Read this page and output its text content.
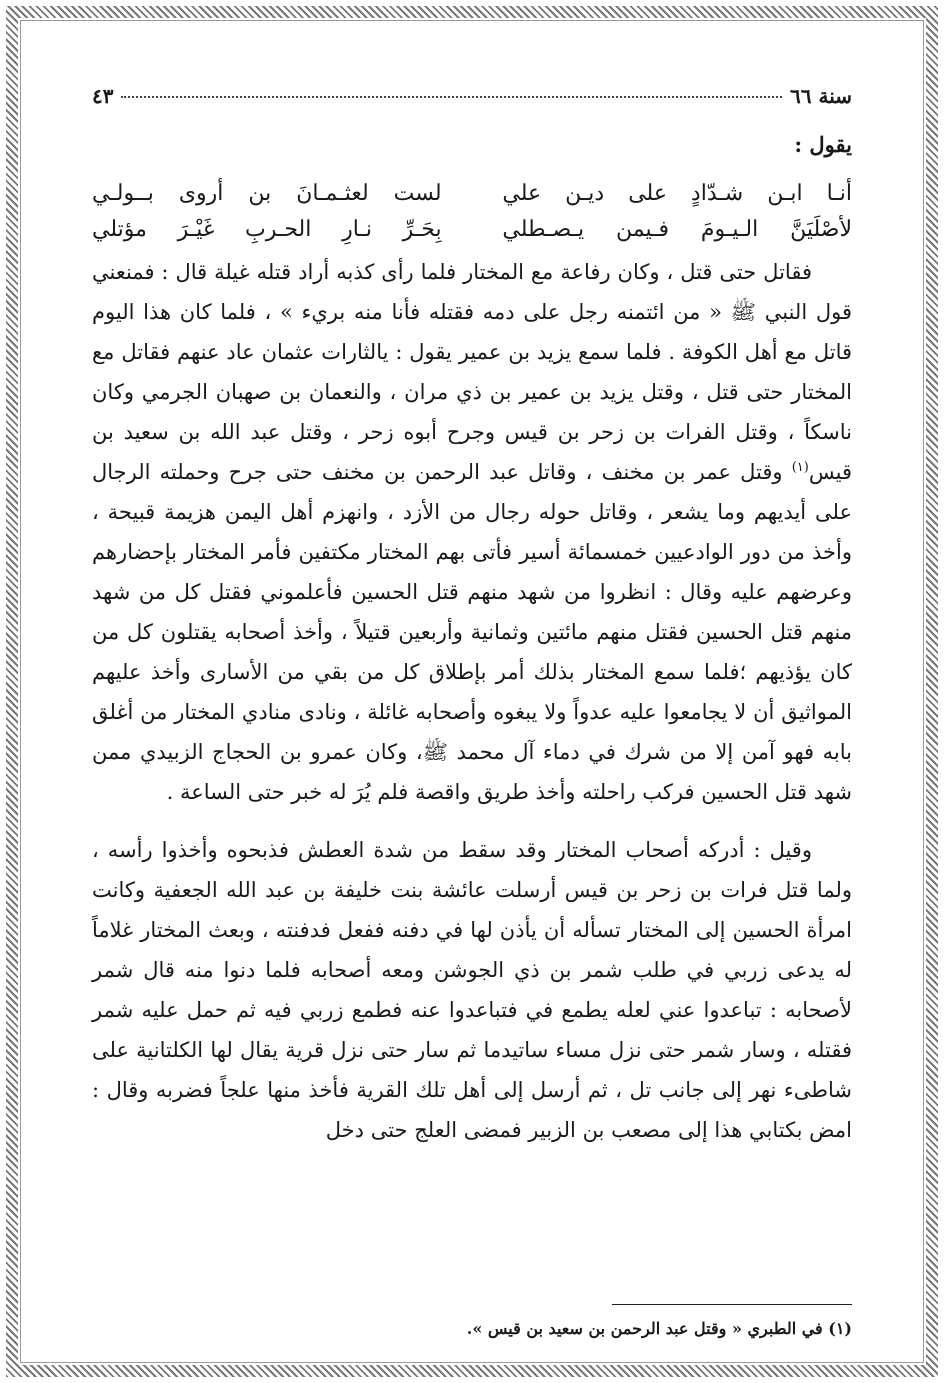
سنة ٦٦
٤٣
يقول :
أنـا ابـن شـدّادٍ على ديـن علي
لست لعثـمـانَ بن أروى بــولـي
لأصْلَيَنَّ الـيـومَ فـيمن يـصـطلي
بِحَـرِّ نـارِ الحـربِ غَيْـرَ مؤتلي

فقاتل حتى قتل ، وكان رفاعة مع المختار فلما رأى كذبه أراد قتله غيلة قال : فمنعني قول النبي ﷺ « من ائتمنه رجل على دمه فقتله فأنا منه بريء » ، فلما كان هذا اليوم قاتل مع أهل الكوفة . فلما سمع يزيد بن عمير يقول : يالثارات عثمان عاد عنهم فقاتل مع المختار حتى قتل ، وقتل يزيد بن عمير بن ذي مران ، والنعمان بن صهبان الجرمي وكان ناسكاً ، وقتل الفرات بن زحر بن قيس وجرح أبوه زحر ، وقتل عبد الله بن سعيد بن قيس$^{(١)}$ وقتل عمر بن مخنف ، وقاتل عبد الرحمن بن مخنف حتى جرح وحملته الرجال على أيديهم وما يشعر ، وقاتل حوله رجال من الأزد ، وانهزم أهل اليمن هزيمة قبيحة ، وأخذ من دور الوادعيين خمسمائة أسير فأتى بهم المختار مكتفين فأمر المختار بإحضارهم وعرضهم عليه وقال : انظروا من شهد منهم قتل الحسين فأعلموني فقتل كل من شهد منهم قتل الحسين فقتل منهم مائتين وثمانية وأربعين قتيلاً ، وأخذ أصحابه يقتلون كل من كان يؤذيهم ؛فلما سمع المختار بذلك أمر بإطلاق كل من بقي من الأسارى وأخذ عليهم المواثيق أن لا يجامعوا عليه عدواً ولا يبغوه وأصحابه غائلة ، ونادى منادي المختار من أغلق بابه فهو آمن إلا من شرك في دماء آل محمد ﷺ، وكان عمرو بن الحجاج الزبيدي ممن شهد قتل الحسين فركب راحلته وأخذ طريق واقصة فلم يُرَ له خبر حتى الساعة .

وقيل : أدركه أصحاب المختار وقد سقط من شدة العطش فذبحوه وأخذوا رأسه ، ولما قتل فرات بن زحر بن قيس أرسلت عائشة بنت خليفة بن عبد الله الجعفية وكانت امرأة الحسين إلى المختار تسأله أن يأذن لها في دفنه ففعل فدفنته ، وبعث المختار غلاماً له يدعى زربي في طلب شمر بن ذي الجوشن ومعه أصحابه فلما دنوا منه قال شمر لأصحابه : تباعدوا عني لعله يطمع في فتباعدوا عنه فطمع زربي فيه ثم حمل عليه شمر فقتله ، وسار شمر حتى نزل مساء ساتيدما ثم سار حتى نزل قرية يقال لها الكلتانية على شاطىء نهر إلى جانب تل ، ثم أرسل إلى أهل تلك القرية فأخذ منها علجاً فضربه وقال : امض بكتابي هذا إلى مصعب بن الزبير فمضى العلج حتى دخل

(١) في الطبري « وقتل عبد الرحمن بن سعيد بن قيس ».
